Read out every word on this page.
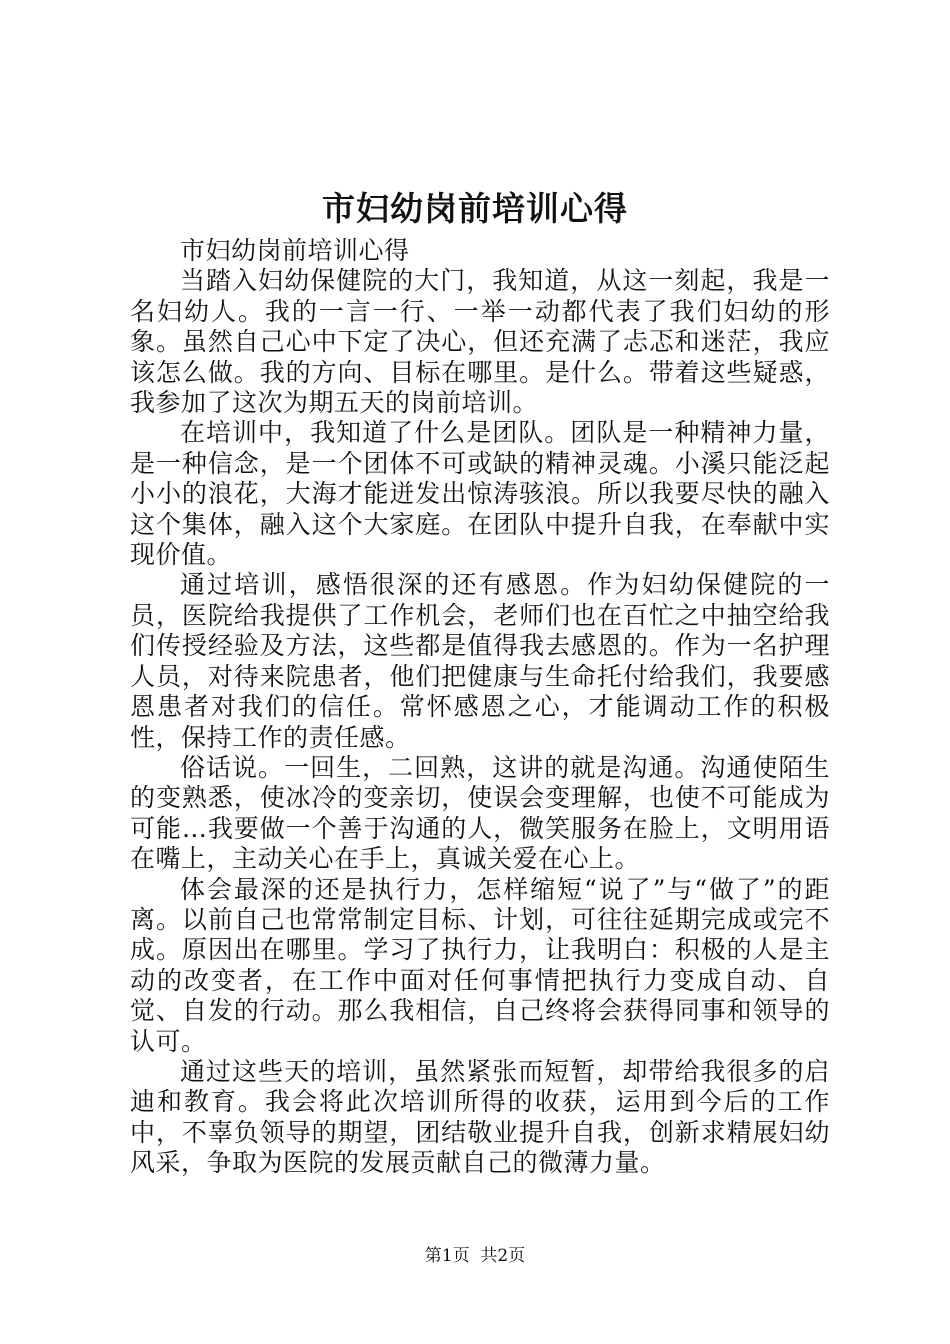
市妇幼岗前培训心得

市妇幼岗前培训心得

当踏入妇幼保健院的大门，我知道，从这一刻起，我是一名妇幼人。我的一言一行、一举一动都代表了我们妇幼的形象。虽然自己心中下定了决心，但还充满了忐忑和迷茫，我应该怎么做。我的方向、目标在哪里。是什么。带着这些疑惑，我参加了这次为期五天的岗前培训。

在培训中，我知道了什么是团队。团队是一种精神力量，是一种信念，是一个团体不可或缺的精神灵魂。小溪只能泛起小小的浪花，大海才能迸发出惊涛骇浪。所以我要尽快的融入这个集体，融入这个大家庭。在团队中提升自我，在奉献中实现价值。

通过培训，感悟很深的还有感恩。作为妇幼保健院的一员，医院给我提供了工作机会，老师们也在百忙之中抽空给我们传授经验及方法，这些都是值得我去感恩的。作为一名护理人员，对待来院患者，他们把健康与生命托付给我们，我要感恩患者对我们的信任。常怀感恩之心，才能调动工作的积极性，保持工作的责任感。

俗话说。一回生，二回熟，这讲的就是沟通。沟通使陌生的变熟悉，使冰冷的变亲切，使误会变理解，也使不可能成为可能…我要做一个善于沟通的人，微笑服务在脸上，文明用语在嘴上，主动关心在手上，真诚关爱在心上。

体会最深的还是执行力，怎样缩短“说了”与“做了”的距离。以前自己也常常制定目标、计划，可往往延期完成或完不成。原因出在哪里。学习了执行力，让我明白：积极的人是主动的改变者，在工作中面对任何事情把执行力变成自动、自觉、自发的行动。那么我相信，自己终将会获得同事和领导的认可。

通过这些天的培训，虽然紧张而短暂，却带给我很多的启迪和教育。我会将此次培训所得的收获，运用到今后的工作中，不辜负领导的期望，团结敬业提升自我，创新求精展妇幼风采，争取为医院的发展贡献自己的微薄力量。

第1页  共2页
